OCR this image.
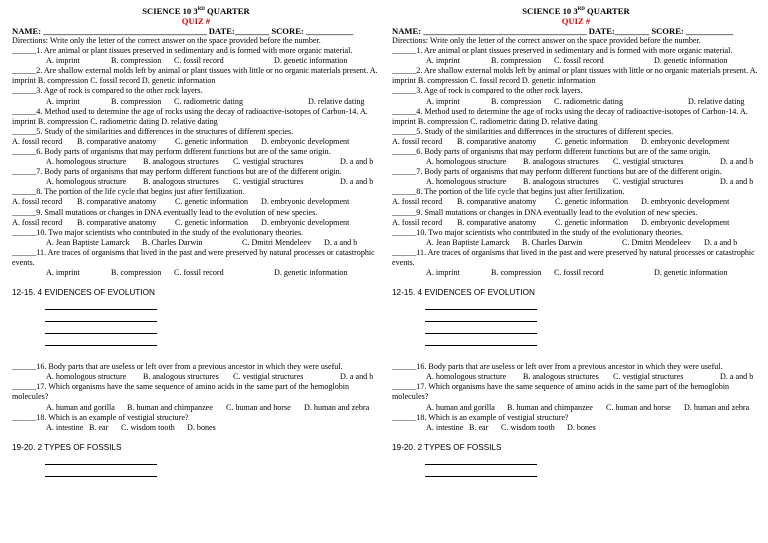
SCIENCE 10 3RD QUARTER
QUIZ #
NAME: ______________________________________ DATE:________ SCORE: ___________
Directions: Write only the letter of the correct answer on the space provided before the number.
______1. Are animal or plant tissues preserved in sedimentary and is formed with more organic material.
A. imprint	B. compression C. fossil record	D. genetic information
______2. Are shallow external molds left by animal or plant tissues with little or no organic materials present. A. imprint B. compression C. fossil record D. genetic information
______3. Age of rock is compared to the other rock layers.
A. imprint	B. compression C. radiometric dating	D. relative dating
______4. Method used to determine the age of rocks using the decay of radioactive-isotopes of Carbon-14. A. imprint B. compression C. radiometric dating D. relative dating
______5. Study of the similarities and differences in the structures of different species.
A. fossil record B. comparative anatomy C. genetic information D. embryonic development
______6. Body parts of organisms that may perform different functions but are of the same origin.
A. homologous structure B. analogous structures C. vestigial structures	D. a and b
______7. Body parts of organisms that may perform different functions but are of the different origin.
A. homologous structure B. analogous structures C. vestigial structures	D. a and b
______8. The portion of the life cycle that begins just after fertilization.
A. fossil record B. comparative anatomy C. genetic information D. embryonic development
______9. Small mutations or changes in DNA eventually lead to the evolution of new species.
A. fossil record B. comparative anatomy C. genetic information D. embryonic development
______10. Two major scientists who contributed in the study of the evolutionary theories.
A. Jean Baptiste Lamarck B. Charles Darwin	C. Dmitri Mendeleev D. a and b
______11. Are traces of organisms that lived in the past and were preserved by natural processes or catastrophic events.
A. imprint	B. compression C. fossil record	D. genetic information
12-15. 4 EVIDENCES OF EVOLUTION
______16. Body parts that are useless or left over from a previous ancestor in which they were useful.
A. homologous structure B. analogous structures C. vestigial structures	D. a and b
______17. Which organisms have the same sequence of amino acids in the same part of the hemoglobin molecules?
A. human and gorilla B. human and chimpanzee C. human and horse D. human and zebra
______18. Which is an example of vestigial structure?
A. intestine B. ear C. wisdom tooth D. bones
19-20. 2 TYPES OF FOSSILS
SCIENCE 10 3RD QUARTER
QUIZ #
NAME: ______________________________________ DATE:________ SCORE: ___________
Directions: Write only the letter of the correct answer on the space provided before the number.
______1. Are animal or plant tissues preserved in sedimentary and is formed with more organic material.
A. imprint	B. compression C. fossil record	D. genetic information
______2. Are shallow external molds left by animal or plant tissues with little or no organic materials present. A. imprint B. compression C. fossil record D. genetic information
______3. Age of rock is compared to the other rock layers.
A. imprint	B. compression C. radiometric dating	D. relative dating
______4. Method used to determine the age of rocks using the decay of radioactive-isotopes of Carbon-14. A. imprint B. compression C. radiometric dating D. relative dating
______5. Study of the similarities and differences in the structures of different species.
A. fossil record B. comparative anatomy C. genetic information D. embryonic development
______6. Body parts of organisms that may perform different functions but are of the same origin.
A. homologous structure B. analogous structures C. vestigial structures	D. a and b
______7. Body parts of organisms that may perform different functions but are of the different origin.
A. homologous structure B. analogous structures C. vestigial structures	D. a and b
______8. The portion of the life cycle that begins just after fertilization.
A. fossil record B. comparative anatomy C. genetic information D. embryonic development
______9. Small mutations or changes in DNA eventually lead to the evolution of new species.
A. fossil record B. comparative anatomy C. genetic information D. embryonic development
______10. Two major scientists who contributed in the study of the evolutionary theories.
A. Jean Baptiste Lamarck B. Charles Darwin	C. Dmitri Mendeleev D. a and b
______11. Are traces of organisms that lived in the past and were preserved by natural processes or catastrophic events.
A. imprint	B. compression C. fossil record	D. genetic information
12-15. 4 EVIDENCES OF EVOLUTION
______16. Body parts that are useless or left over from a previous ancestor in which they were useful.
A. homologous structure B. analogous structures C. vestigial structures	D. a and b
______17. Which organisms have the same sequence of amino acids in the same part of the hemoglobin molecules?
A. human and gorilla B. human and chimpanzee C. human and horse D. human and zebra
______18. Which is an example of vestigial structure?
A. intestine B. ear C. wisdom tooth D. bones
19-20. 2 TYPES OF FOSSILS
